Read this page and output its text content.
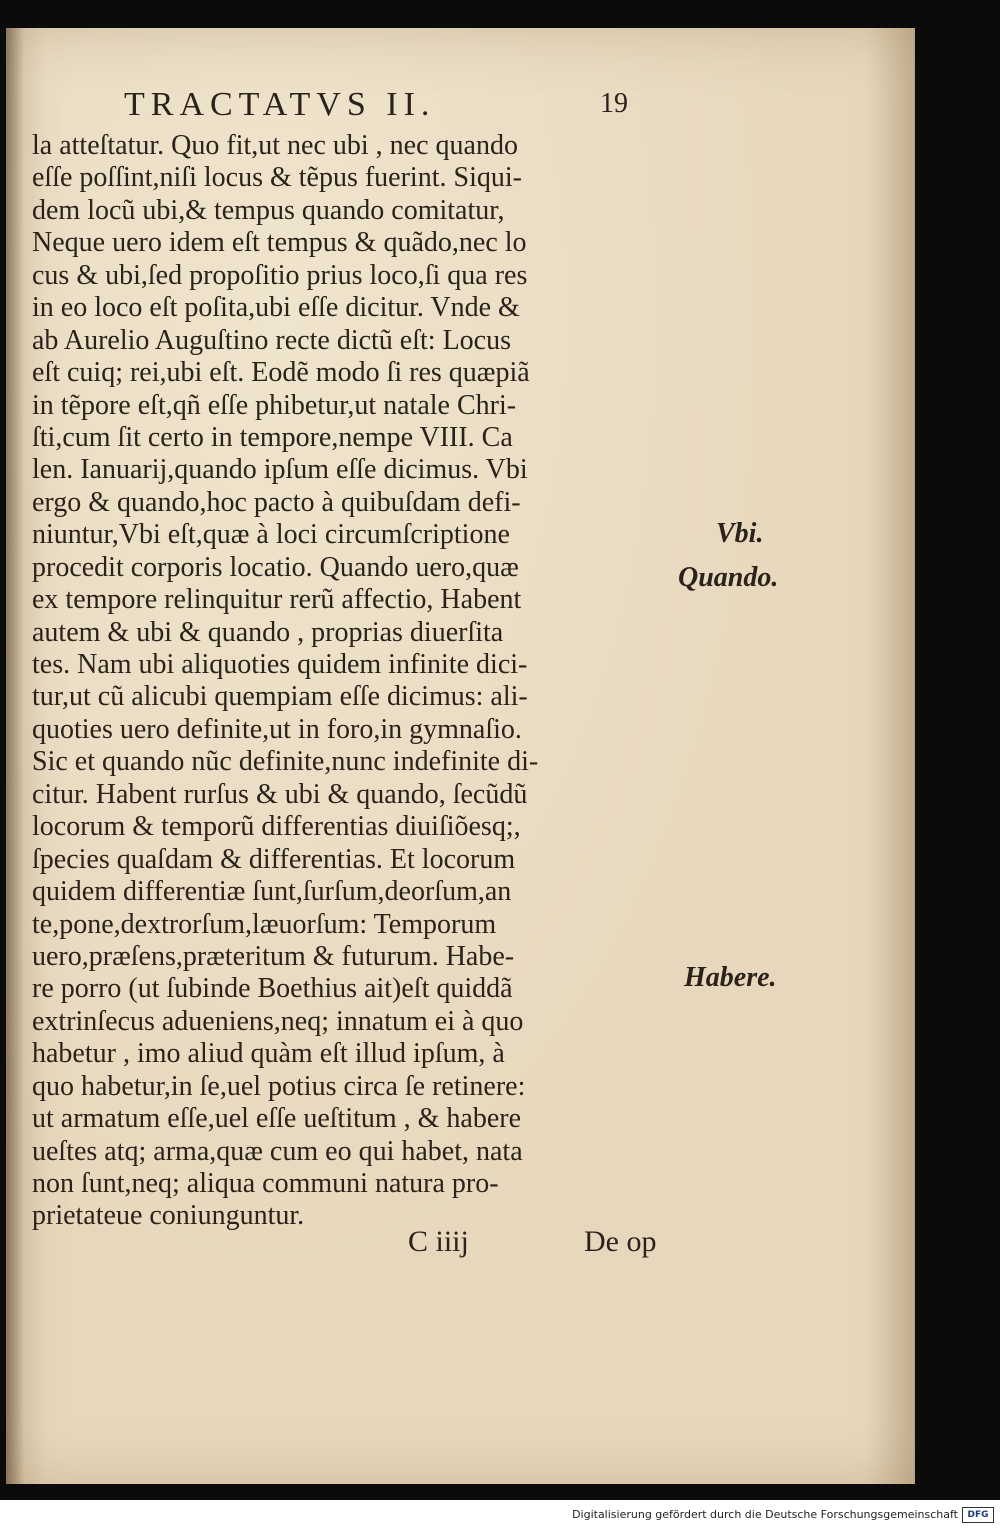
TRACTATVS II.	19
la atteſtatur. Quo fit,ut nec ubi , nec quando
eſſe poſſint,niſi locus & tẽpus fuerint. Siqui-
dem locũ ubi,& tempus quando comitatur,
Neque uero idem eſt tempus & quãdo,nec lo
cus & ubi,ſed propoſitio prius loco,ſi qua res
in eo loco eſt poſita,ubi eſſe dicitur. Vnde &
ab Aurelio Auguſtino recte dictũ eſt: Locus
eſt cuiq; rei,ubi eſt. Eodẽ modo ſi res quæpiã
in tẽpore eſt,qñ eſſe phibetur,ut natale Chri-
ſti,cum ſit certo in tempore,nempe VIII. Ca
len. Ianuarij,quando ipſum eſſe dicimus. Vbi
ergo & quando,hoc pacto à quibuſdam defi-
niuntur,Vbi eſt,quæ à loci circumſcriptione
procedit corporis locatio. Quando uero,quæ
ex tempore relinquitur rerũ affectio, Habent
autem & ubi & quando , proprias diuerſita
tes. Nam ubi aliquoties quidem infinite dici-
tur,ut cũ alicubi quempiam eſſe dicimus: ali-
quoties uero definite,ut in foro,in gymnaſio.
Sic et quando nũc definite,nunc indefinite di-
citur. Habent rurſus & ubi & quando, ſecũdũ
locorum & temporũ differentias diuiſiõesq;,
ſpecies quaſdam & differentias. Et locorum
quidem differentiæ ſunt,ſurſum,deorſum,an
te,pone,dextrorſum,læuorſum: Temporum
uero,præſens,præteritum & futurum. Habe-
re porro (ut ſubinde Boethius ait)eſt quiddã
extrinſecus adueniens,neq; innatum ei à quo
habetur , imo aliud quàm eſt illud ipſum, à
quo habetur,in ſe,uel potius circa ſe retinere:
ut armatum eſſe,uel eſſe ueſtitum , & habere
ueſtes atq; arma,quæ cum eo qui habet, nata
non ſunt,neq; aliqua communi natura pro-
prietateue coniunguntur.
Vbi.
Quando.
Habere.
C iiij	De op
Digitalisierung gefördert durch die Deutsche Forschungsgemeinschaft	DFG
